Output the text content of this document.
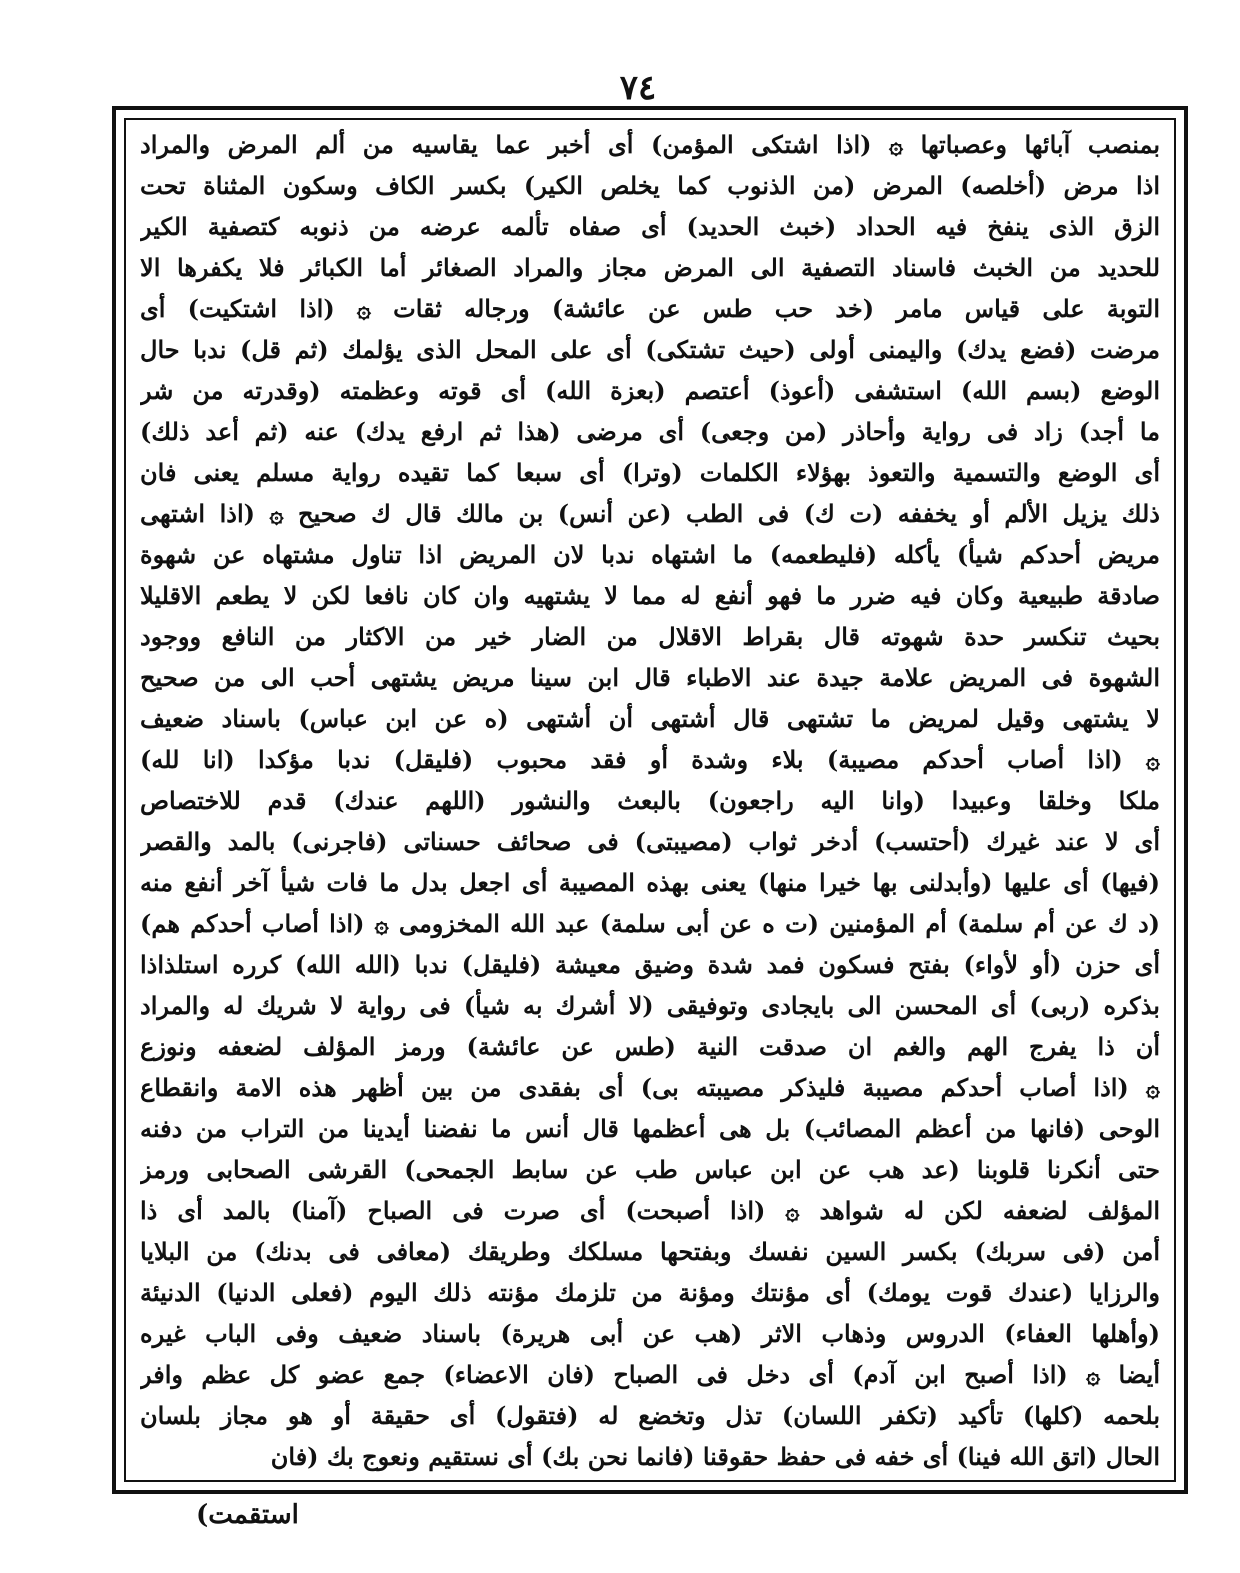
٧٤
بمنصب آبائها وعصباتها ۞ (اذا اشتكى المؤمن) أى أخبر عما يقاسيه من ألم المرض والمراد
اذا مرض (أخلصه) المرض (من الذنوب كما يخلص الكير) بكسر الكاف وسكون المثناة تحت
الزق الذى ينفخ فيه الحداد (خبث الحديد) أى صفاه تألمه عرضه من ذنوبه كتصفية الكير
للحديد من الخبث فاسناد التصفية الى المرض مجاز والمراد الصغائر أما الكبائر فلا يكفرها الا
التوبة على قياس مامر (خد حب طس عن عائشة) ورجاله ثقات ۞ (اذا اشتكيت) أى
مرضت (فضع يدك) واليمنى أولى (حيث تشتكى) أى على المحل الذى يؤلمك (ثم قل) ندبا حال
الوضع (بسم الله) استشفى (أعوذ) أعتصم (بعزة الله) أى قوته وعظمته (وقدرته من شر
ما أجد) زاد فى رواية وأحاذر (من وجعى) أى مرضى (هذا ثم ارفع يدك) عنه (ثم أعد ذلك)
أى الوضع والتسمية والتعوذ بهؤلاء الكلمات (وترا) أى سبعا كما تقيده رواية مسلم يعنى فان
ذلك يزيل الألم أو يخففه (ت ك) فى الطب (عن أنس) بن مالك قال ك صحيح ۞ (اذا اشتهى
مريض أحدكم شيأ) يأكله (فليطعمه) ما اشتهاه ندبا لان المريض اذا تناول مشتهاه عن شهوة
صادقة طبيعية وكان فيه ضرر ما فهو أنفع له مما لا يشتهيه وان كان نافعا لكن لا يطعم الاقليلا
بحيث تنكسر حدة شهوته قال بقراط الاقلال من الضار خير من الاكثار من النافع ووجود
الشهوة فى المريض علامة جيدة عند الاطباء قال ابن سينا مريض يشتهى أحب الى من صحيح
لا يشتهى وقيل لمريض ما تشتهى قال أشتهى أن أشتهى (ه عن ابن عباس) باسناد ضعيف
۞ (اذا أصاب أحدكم مصيبة) بلاء وشدة أو فقد محبوب (فليقل) ندبا مؤكدا (انا لله)
ملكا وخلقا وعبيدا (وانا اليه راجعون) بالبعث والنشور (اللهم عندك) قدم للاختصاص
أى لا عند غيرك (أحتسب) أدخر ثواب (مصيبتى) فى صحائف حسناتى (فاجرنى) بالمد والقصر
(فيها) أى عليها (وأبدلنى بها خيرا منها) يعنى بهذه المصيبة أى اجعل بدل ما فات شيأ آخر أنفع منه
(د ك عن أم سلمة) أم المؤمنين (ت ه عن أبى سلمة) عبد الله المخزومى ۞ (اذا أصاب أحدكم هم)
أى حزن (أو لأواء) بفتح فسكون فمد شدة وضيق معيشة (فليقل) ندبا (الله الله) كرره استلذاذا
بذكره (ربى) أى المحسن الى بايجادى وتوفيقى (لا أشرك به شيأ) فى رواية لا شريك له والمراد
أن ذا يفرج الهم والغم ان صدقت النية (طس عن عائشة) ورمز المؤلف لضعفه ونوزع
۞ (اذا أصاب أحدكم مصيبة فليذكر مصيبته بى) أى بفقدى من بين أظهر هذه الامة وانقطاع
الوحى (فانها من أعظم المصائب) بل هى أعظمها قال أنس ما نفضنا أيدينا من التراب من دفنه
حتى أنكرنا قلوبنا (عد هب عن ابن عباس طب عن سابط الجمحى) القرشى الصحابى ورمز
المؤلف لضعفه لكن له شواهد ۞ (اذا أصبحت) أى صرت فى الصباح (آمنا) بالمد أى ذا
أمن (فى سربك) بكسر السين نفسك وبفتحها مسلكك وطريقك (معافى فى بدنك) من البلايا
والرزايا (عندك قوت يومك) أى مؤنتك ومؤنة من تلزمك مؤنته ذلك اليوم (فعلى الدنيا) الدنيئة
(وأهلها العفاء) الدروس وذهاب الاثر (هب عن أبى هريرة) باسناد ضعيف وفى الباب غيره
أيضا ۞ (اذا أصبح ابن آدم) أى دخل فى الصباح (فان الاعضاء) جمع عضو كل عظم وافر
بلحمه (كلها) تأكيد (تكفر اللسان) تذل وتخضع له (فتقول) أى حقيقة أو هو مجاز بلسان
الحال (اتق الله فينا) أى خفه فى حفظ حقوقنا (فانما نحن بك) أى نستقيم ونعوج بك (فان
استقمت)
